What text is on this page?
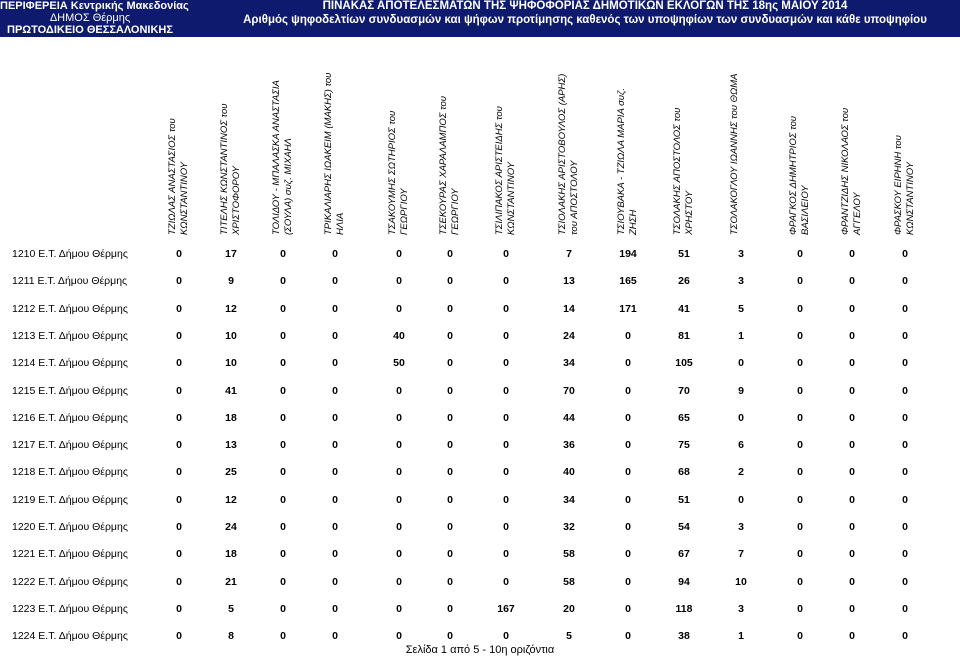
ΠΕΡΙΦΕΡΕΙΑ Κεντρικής Μακεδονίας
ΔΗΜΟΣ Θέρμης
ΠΡΩΤΟΔΙΚΕΙΟ ΘΕΣΣΑΛΟΝΙΚΗΣ
ΠΙΝΑΚΑΣ ΑΠΟΤΕΛΕΣΜΑΤΩΝ ΤΗΣ ΨΗΦΟΦΟΡΙΑΣ ΔΗΜΟΤΙΚΩΝ ΕΚΛΟΓΩΝ ΤΗΣ 18ης ΜΑΪΟΥ 2014
Αριθμός ψηφοδελτίων συνδυασμών και ψήφων προτίμησης καθενός των υποψηφίων των συνδυασμών και κάθε υποψηφίου
ΤΖΙΩΛΑΣ ΑΝΑΣΤΑΣΙΟΣ του ΚΩΝΣΤΑΝΤΙΝΟΥ	ΤΙΤΕΛΗΣ ΚΩΝΣΤΑΝΤΙΝΟΣ του ΧΡΙΣΤΟΦΟΡΟΥ	ΤΟΛΙΔΟΥ - ΜΠΑΛΑΣΚΑ ΑΝΑΣΤΑΣΙΑ (ΣΟΥΛΑ) συζ. ΜΙΧΑΗΛ	ΤΡΙΚΑΛΙΑΡΗΣ ΙΩΑΚΕΙΜ (ΜΑΚΗΣ) του ΗΛΙΑ	ΤΣΑΚΟΥΜΗΣ ΣΩΤΗΡΙΟΣ του ΓΕΩΡΓΙΟΥ	ΤΣΕΚΟΥΡΑΣ ΧΑΡΑΛΑΜΠΟΣ του ΓΕΩΡΓΙΟΥ	ΤΣΙΛΙΠΑΚΟΣ ΑΡΙΣΤΕΙΔΗΣ του ΚΩΝΣΤΑΝΤΙΝΟΥ	ΤΣΙΟΛΑΚΗΣ ΑΡΙΣΤΟΒΟΥΛΟΣ (ΑΡΗΣ) του ΑΠΟΣΤΟΛΟΥ	ΤΣΙΟΥΒΑΚΑ - ΤΖΙΩΛΑ ΜΑΡΙΑ συζ. ΖΗΣΗ	ΤΣΟΛΑΚΗΣ ΑΠΟΣΤΟΛΟΣ του ΧΡΗΣΤΟΥ	ΤΣΟΛΑΚΟΓΛΟΥ ΙΩΑΝΝΗΣ του ΘΩΜΑ	ΦΡΑΓΚΟΣ ΔΗΜΗΤΡΙΟΣ του ΒΑΣΙΛΕΙΟΥ	ΦΡΑΝΤΖΙΔΗΣ ΝΙΚΟΛΑΟΣ του ΑΓΓΕΛΟΥ	ΦΡΑΣΚΟΥ ΕΙΡΗΝΗ του ΚΩΝΣΤΑΝΤΙΝΟΥ
1210 Ε.Τ. Δήμου Θέρμης	0	17	0	0	0	0	0	7	194	51	3	0	0	0
1211 Ε.Τ. Δήμου Θέρμης	0	9	0	0	0	0	0	13	165	26	3	0	0	0
1212 Ε.Τ. Δήμου Θέρμης	0	12	0	0	0	0	0	14	171	41	5	0	0	0
1213 Ε.Τ. Δήμου Θέρμης	0	10	0	0	40	0	0	24	0	81	1	0	0	0
1214 Ε.Τ. Δήμου Θέρμης	0	10	0	0	50	0	0	34	0	105	0	0	0	0
1215 Ε.Τ. Δήμου Θέρμης	0	41	0	0	0	0	0	70	0	70	9	0	0	0
1216 Ε.Τ. Δήμου Θέρμης	0	18	0	0	0	0	0	44	0	65	0	0	0	0
1217 Ε.Τ. Δήμου Θέρμης	0	13	0	0	0	0	0	36	0	75	6	0	0	0
1218 Ε.Τ. Δήμου Θέρμης	0	25	0	0	0	0	0	40	0	68	2	0	0	0
1219 Ε.Τ. Δήμου Θέρμης	0	12	0	0	0	0	0	34	0	51	0	0	0	0
1220 Ε.Τ. Δήμου Θέρμης	0	24	0	0	0	0	0	32	0	54	3	0	0	0
1221 Ε.Τ. Δήμου Θέρμης	0	18	0	0	0	0	0	58	0	67	7	0	0	0
1222 Ε.Τ. Δήμου Θέρμης	0	21	0	0	0	0	0	58	0	94	10	0	0	0
1223 Ε.Τ. Δήμου Θέρμης	0	5	0	0	0	0	167	20	0	118	3	0	0	0
1224 Ε.Τ. Δήμου Θέρμης	0	8	0	0	0	0	0	5	0	38	1	0	0	0
Σελίδα 1 από 5 - 10η οριζόντια
